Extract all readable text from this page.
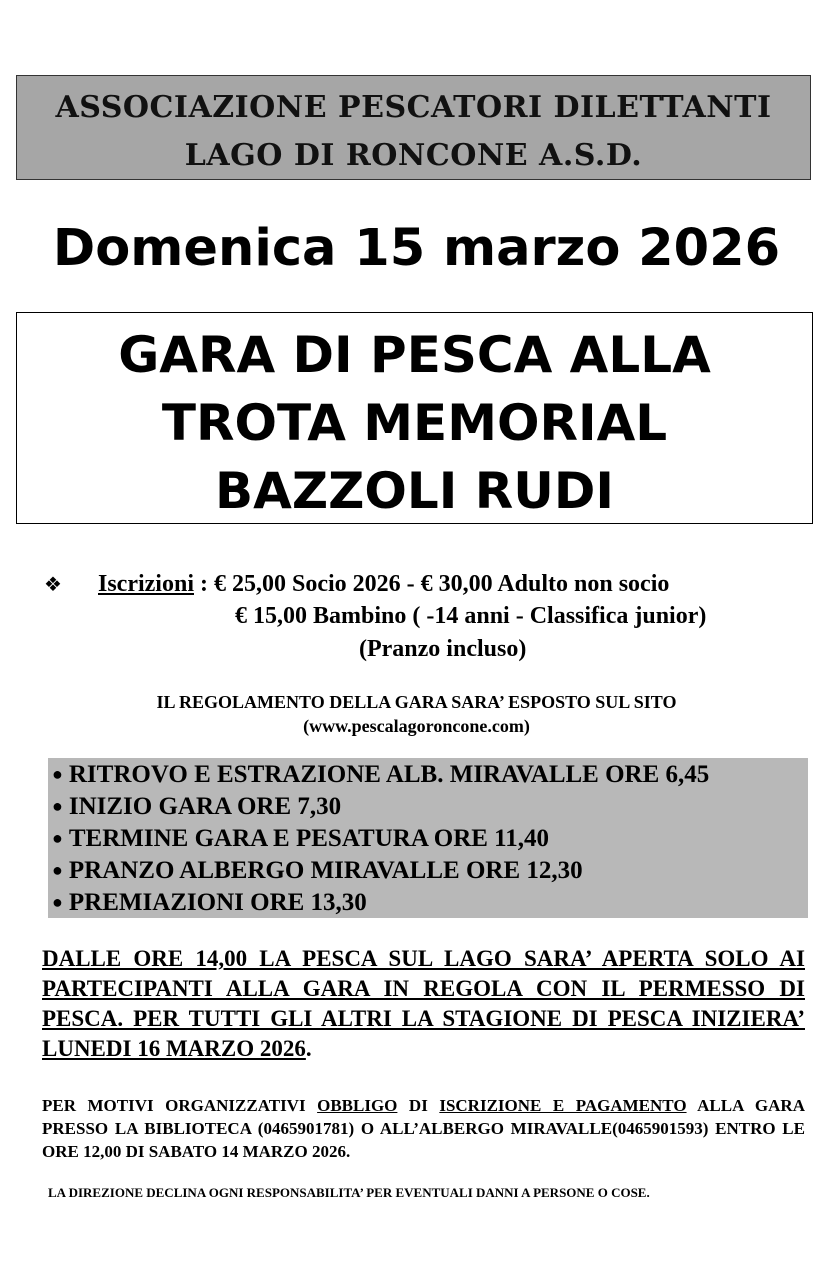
ASSOCIAZIONE PESCATORI DILETTANTI
LAGO DI RONCONE A.S.D.
Domenica 15 marzo 2026
GARA DI PESCA ALLA
TROTA MEMORIAL
BAZZOLI RUDI
❖ Iscrizioni : € 25,00 Socio 2026 - € 30,00 Adulto non socio
€ 15,00 Bambino ( -14 anni - Classifica junior)
(Pranzo incluso)
IL REGOLAMENTO DELLA GARA SARA’ ESPOSTO SUL SITO
(www.pescalagoroncone.com)
● RITROVO E ESTRAZIONE ALB. MIRAVALLE ORE 6,45
● INIZIO GARA ORE 7,30
● TERMINE GARA E PESATURA ORE 11,40
● PRANZO ALBERGO MIRAVALLE ORE 12,30
● PREMIAZIONI ORE 13,30
DALLE ORE 14,00 LA PESCA SUL LAGO SARA’ APERTA SOLO AI PARTECIPANTI ALLA GARA IN REGOLA CON IL PERMESSO DI PESCA. PER TUTTI GLI ALTRI LA STAGIONE DI PESCA INIZIERA’ LUNEDI 16 MARZO 2026.
PER MOTIVI ORGANIZZATIVI OBBLIGO DI ISCRIZIONE E PAGAMENTO ALLA GARA PRESSO LA BIBLIOTECA (0465901781) O ALL’ALBERGO MIRAVALLE(0465901593) ENTRO LE ORE 12,00 DI SABATO 14 MARZO 2026.
LA DIREZIONE DECLINA OGNI RESPONSABILITA’ PER EVENTUALI DANNI A PERSONE O COSE.
